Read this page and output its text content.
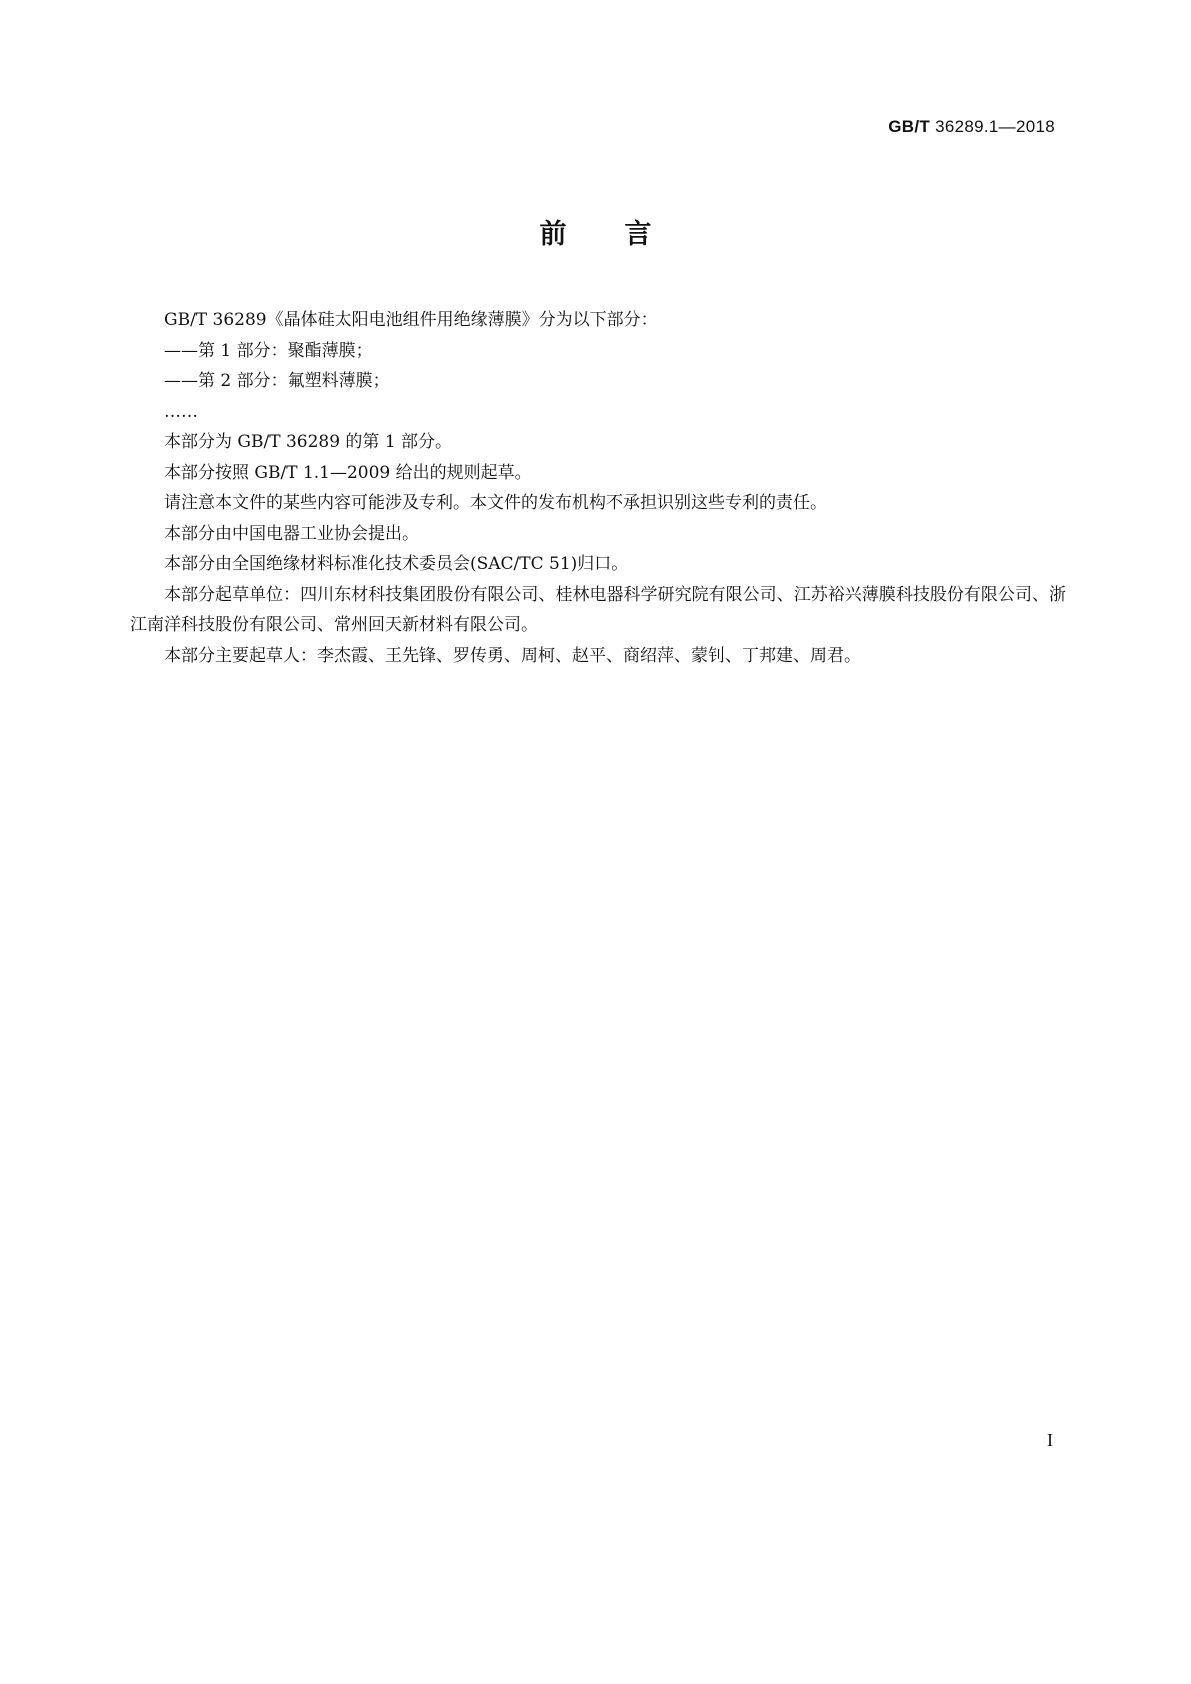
GB/T 36289.1—2018
前 言

GB/T 36289《晶体硅太阳电池组件用绝缘薄膜》分为以下部分：

——第 1 部分：聚酯薄膜；

——第 2 部分：氟塑料薄膜；

……

本部分为 GB/T 36289 的第 1 部分。

本部分按照 GB/T 1.1—2009 给出的规则起草。

请注意本文件的某些内容可能涉及专利。本文件的发布机构不承担识别这些专利的责任。

本部分由中国电器工业协会提出。

本部分由全国绝缘材料标准化技术委员会(SAC/TC 51)归口。

本部分起草单位：四川东材科技集团股份有限公司、桂林电器科学研究院有限公司、江苏裕兴薄膜科技股份有限公司、浙江南洋科技股份有限公司、常州回天新材料有限公司。

本部分主要起草人：李杰霞、王先锋、罗传勇、周柯、赵平、商绍萍、蒙钊、丁邦建、周君。

I
